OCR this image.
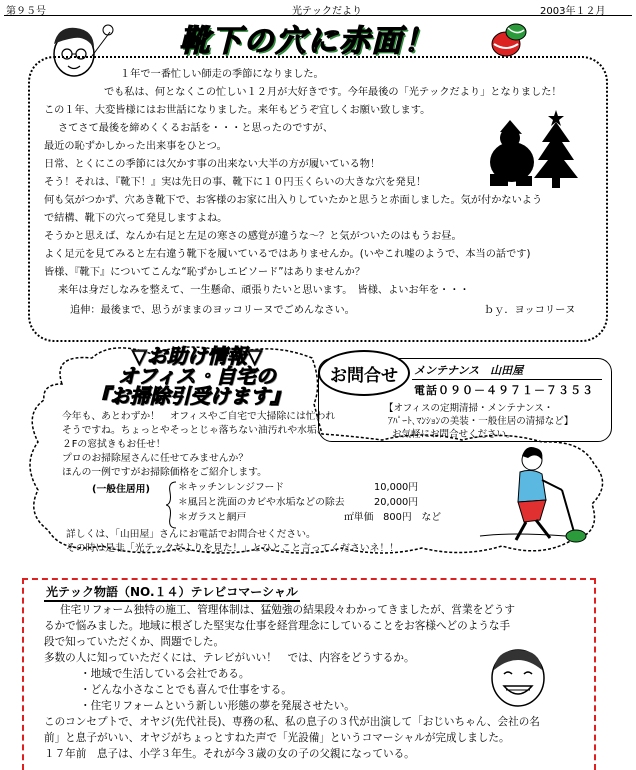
第９５号	光テックだより	2003年１２月
靴下の穴に赤面！
１年で一番忙しい師走の季節になりました。
でも私は、何となくこの忙しい１２月が大好きです。今年最後の「光テックだより」となりました！
この１年、大変皆様にはお世話になりました。来年もどうぞ宜しくお願い致します。
さてさて最後を締めくくるお話を・・・と思ったのですが、
最近の恥ずかしかった出来事をひとつ。
日常、とくにこの季節には欠かす事の出来ない大半の方が履いている物！
そう！それは、『靴下！』実は先日の事、靴下に１０円玉くらいの大きな穴を発見！
何も気がつかず、穴あき靴下で、お客様のお家に出入りしていたかと思うと赤面しました。気が付かないよう
で結構、靴下の穴って発見しますよね。
そうかと思えば、なんか右足と左足の寒さの感覚が違うな～？と気がついたのはもうお昼。
よく足元を見てみると左右違う靴下を履いているではありませんか。(いやこれ嘘のようで、本当の話です)
皆様、『靴下』についてこんな“恥ずかしエピソード”はありませんか？
来年は身だしなみを整えて、一生懸命、頑張りたいと思います。　皆様、よいお年を・・・
追伸：最後まで、思うがままのヨッコリーヌでごめんなさい。	ｂｙ．ヨッコリーヌ
▽お助け情報▽
オフィス・自宅の
『お掃除引受けます』
今年も、あとわずか！　オフィスやご自宅で大掃除には忙われ
そうですね。ちょっとやそっとじゃ落ちない油汚れや水垢、
２Fの窓拭きもお任せ！
プロのお掃除屋さんに任せてみませんか？
ほんの一例ですがお掃除価格をご紹介します。
(一般住居用)	＊キッチンレンジフード	10,000円
＊風呂と洗面のカビや水垢などの除去	20,000円
＊ガラスと網戸	㎡単価　800円　など
詳しくは、「山田屋」さんにお電話でお問合せください。
その時は是非「光テックだよりを見た！」とひとこと言ってくださいネ！！
お問合せ	メンテナンス　山田屋
電話０９０－４９７１－７３５３
【オフィスの定期清掃・メンテナンス・
ｱﾊﾟｰﾄ､ﾏﾝｼｮﾝの美装・一般住居の清掃など】
お気軽にお問合せください。
光テック物語（NO.１４）テレビコマーシャル
住宅リフォーム独特の施工、管理体制は、猛勉強の結果段々わかってきましたが、営業をどうす
るかで悩みました。地域に根ざした堅実な仕事を経営理念にしていることをお客様へどのような手
段で知っていただくか、問題でした。
多数の人に知っていただくには、テレビがいい！　では、内容をどうするか。
・地域で生活している会社である。
・どんな小さなことでも喜んで仕事をする。
・住宅リフォームという新しい形態の夢を発展させたい。
このコンセプトで、オヤジ(先代社長)、専務の私、私の息子の３代が出演して「おじいちゃん、会社の名
前」と息子がいい、オヤジがちょっとすねた声で「光設備」というコマーシャルが完成しました。
１７年前　息子は、小学３年生。それが今３歳の女の子の父親になっている。
